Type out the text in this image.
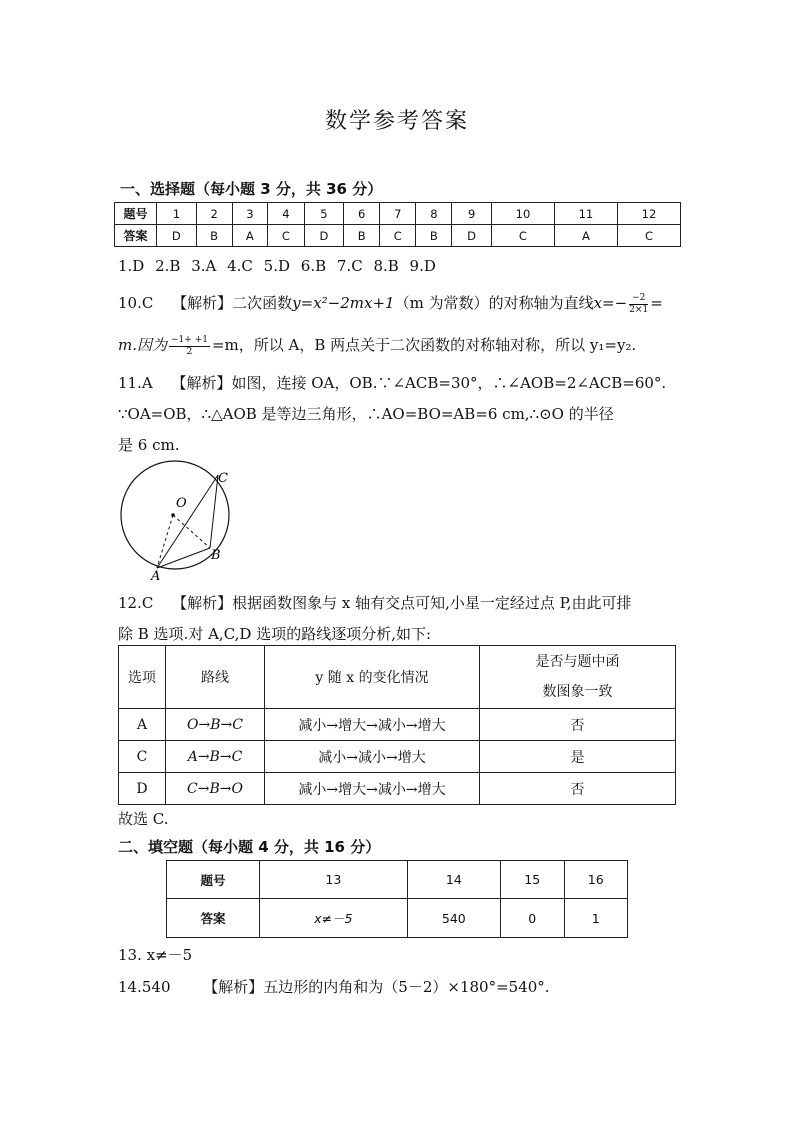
数学参考答案
一、选择题（每小题 3 分，共 36 分）
题号	1	2	3	4	5	6	7	8	9	10	11	12
答案	D	B	A	C	D	B	C	B	D	C	A	C
1.D 2.B 3.A 4.C 5.D 6.B 7.C 8.B 9.D
10.C 【解析】二次函数y=x²−2mx+1（m 为常数）的对称轴为直线$x=- \frac{-2}{2\times 1}$ =
m.因为 $\frac{-1+ +1}{2} =m$，所以 A，B 两点关于二次函数的对称轴对称，所以 y₁=y₂.
11.A 【解析】如图，连接 OA，OB.∵∠ACB=30°，∴∠AOB=2∠ACB=60°.
∵OA=OB，∴△AOB 是等边三角形，∴AO=BO=AB=6 cm,∴⊙O 的半径
是 6 cm.
O
A
B
C
12.C 【解析】根据函数图象与 x 轴有交点可知,小星一定经过点 P,由此可排
除 B 选项.对 A,C,D 选项的路线逐项分析,如下:
选项	路线	y 随 x 的变化情况	是否与题中函
数图象一致

A	O→B→C	减小→增大→减小→增大	否
C	A→B→C	减小→减小→增大	是
D	C→B→O	减小→增大→减小→增大	否
故选 C.
二、填空题（每小题 4 分，共 16 分）
题号	13	14	15	16
答案	x≠－5	540	0	1
13. x≠－5
14.540 【解析】五边形的内角和为（5－2）×180°=540°.
